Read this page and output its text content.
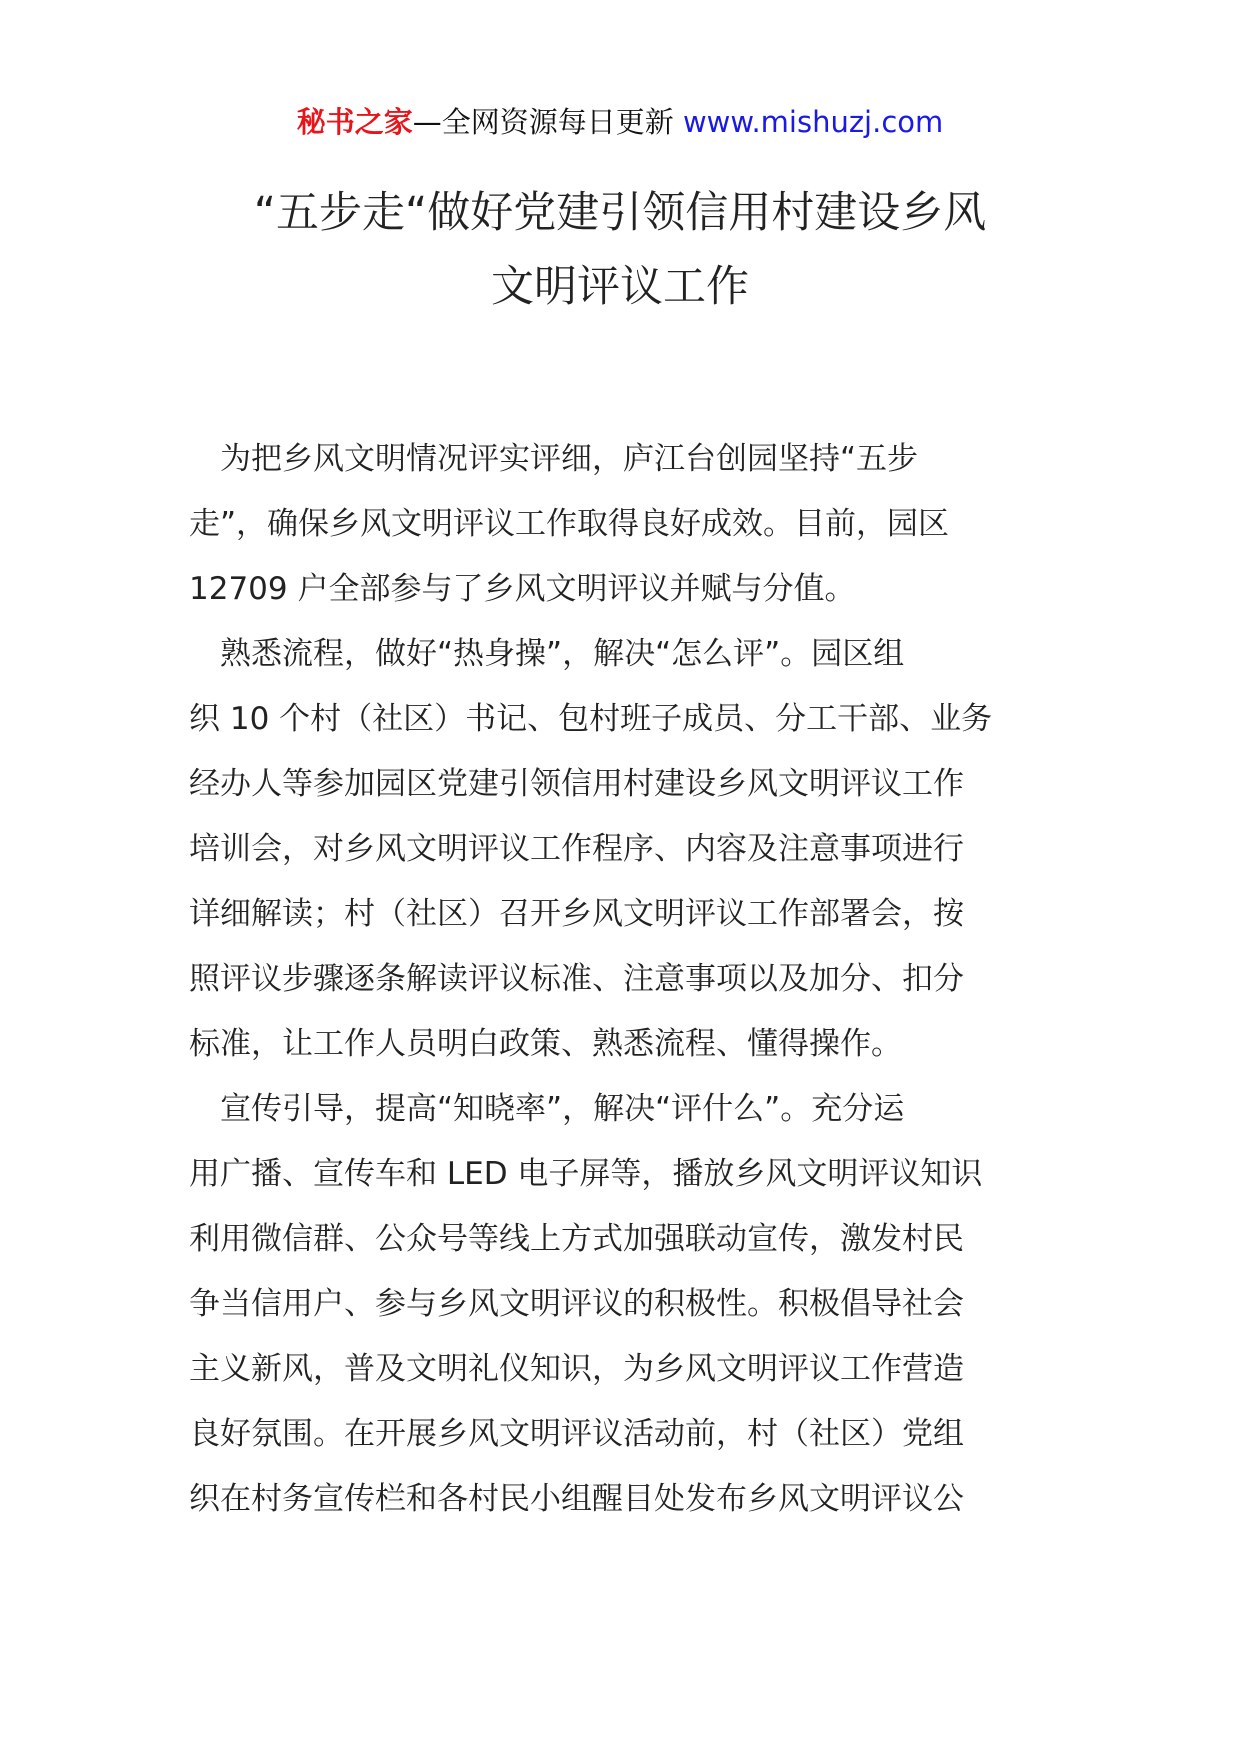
秘书之家—全网资源每日更新 www.mishuzj.com
“五步走“做好党建引领信用村建设乡风
文明评议工作
　为把乡风文明情况评实评细，庐江台创园坚持“五步
走”，确保乡风文明评议工作取得良好成效。目前，园区
12709 户全部参与了乡风文明评议并赋与分值。
　熟悉流程，做好“热身操”，解决“怎么评”。园区组
织 10 个村（社区）书记、包村班子成员、分工干部、业务
经办人等参加园区党建引领信用村建设乡风文明评议工作
培训会，对乡风文明评议工作程序、内容及注意事项进行
详细解读；村（社区）召开乡风文明评议工作部署会，按
照评议步骤逐条解读评议标准、注意事项以及加分、扣分
标准，让工作人员明白政策、熟悉流程、懂得操作。
　宣传引导，提高“知晓率”，解决“评什么”。充分运
用广播、宣传车和 LED 电子屏等，播放乡风文明评议知识
利用微信群、公众号等线上方式加强联动宣传，激发村民
争当信用户、参与乡风文明评议的积极性。积极倡导社会
主义新风，普及文明礼仪知识，为乡风文明评议工作营造
良好氛围。在开展乡风文明评议活动前，村（社区）党组
织在村务宣传栏和各村民小组醒目处发布乡风文明评议公
